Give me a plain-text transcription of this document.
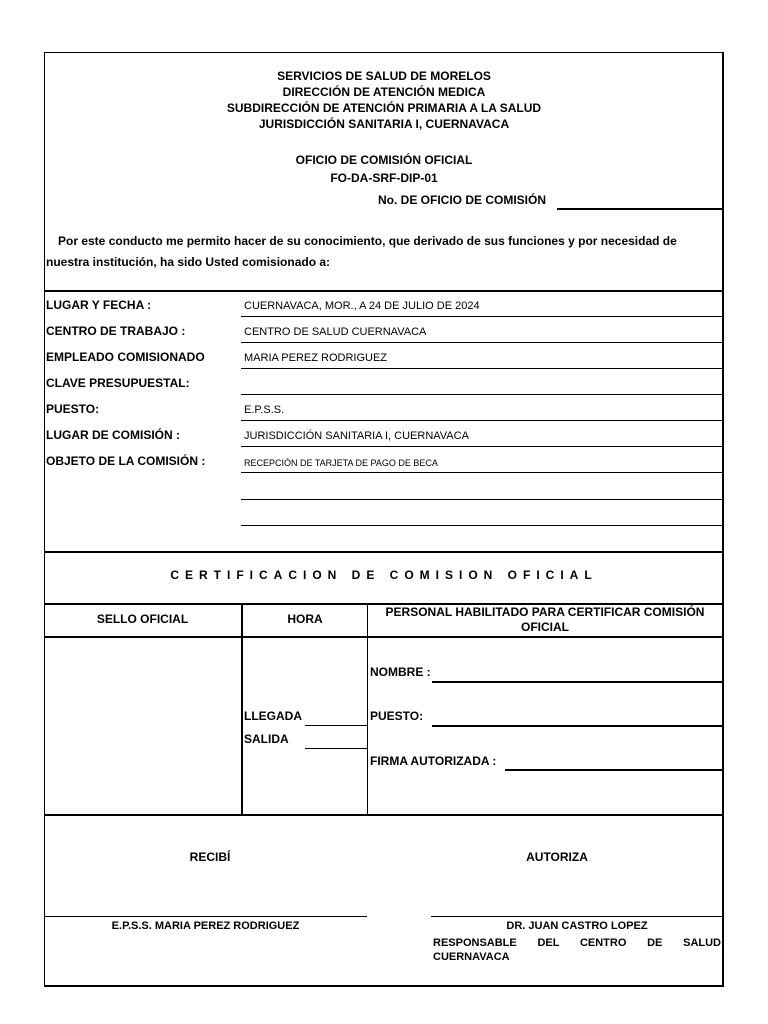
SERVICIOS DE SALUD DE MORELOS
DIRECCIÓN DE ATENCIÓN MEDICA
SUBDIRECCIÓN DE ATENCIÓN PRIMARIA A LA SALUD
JURISDICCIÓN SANITARIA I, CUERNAVACA
OFICIO DE COMISIÓN OFICIAL
FO-DA-SRF-DIP-01
No. DE OFICIO DE COMISIÓN
Por este conducto me permito hacer de su conocimiento, que derivado de sus funciones y por necesidad de
nuestra institución, ha sido Usted comisionado a:
LUGAR Y FECHA :	CUERNAVACA, MOR., A 24 DE JULIO DE 2024
CENTRO DE TRABAJO :	CENTRO DE SALUD CUERNAVACA
EMPLEADO COMISIONADO	MARIA PEREZ RODRIGUEZ
CLAVE PRESUPUESTAL:
PUESTO:	E.P.S.S.
LUGAR DE COMISIÓN :	JURISDICCIÓN SANITARIA I, CUERNAVACA
OBJETO DE LA COMISIÓN :	RECEPCIÓN DE TARJETA DE PAGO DE BECA
CERTIFICACION DE COMISION OFICIAL
SELLO OFICIAL	HORA	PERSONAL HABILITADO PARA CERTIFICAR COMISIÓN
OFICIAL
LLEGADA
SALIDA
NOMBRE :
PUESTO:
FIRMA AUTORIZADA :
RECIBÍ	AUTORIZA
E.P.S.S. MARIA PEREZ RODRIGUEZ	DR. JUAN CASTRO LOPEZ
RESPONSABLE DEL CENTRO DE SALUD
CUERNAVACA
